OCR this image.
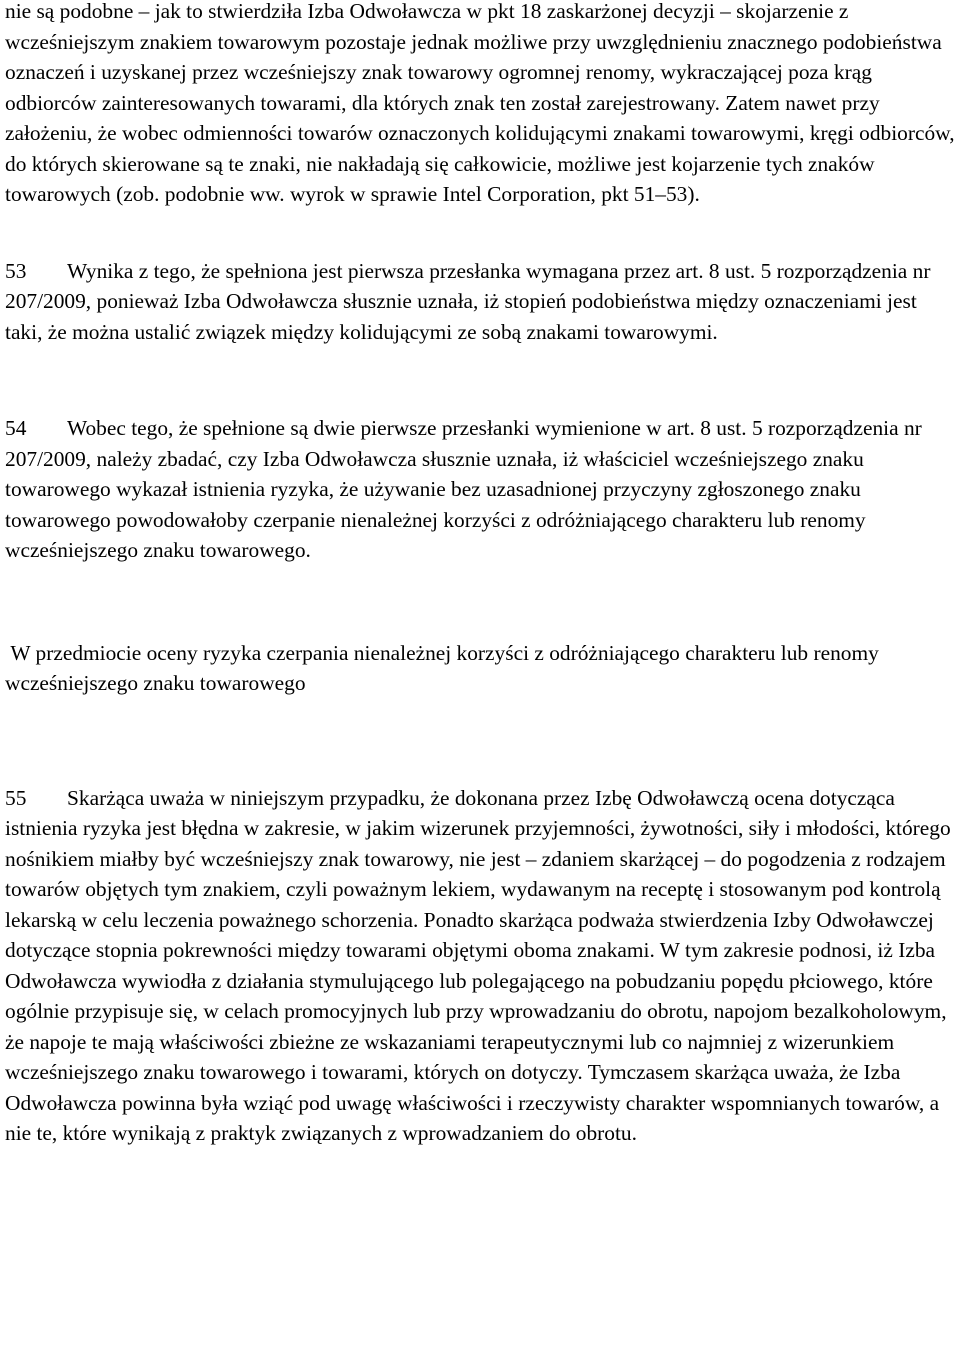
nie są podobne – jak to stwierdziła Izba Odwoławcza w pkt 18 zaskarżonej decyzji – skojarzenie z wcześniejszym znakiem towarowym pozostaje jednak możliwe przy uwzględnieniu znacznego podobieństwa oznaczeń i uzyskanej przez wcześniejszy znak towarowy ogromnej renomy, wykraczającej poza krąg odbiorców zainteresowanych towarami, dla których znak ten został zarejestrowany. Zatem nawet przy założeniu, że wobec odmienności towarów oznaczonych kolidującymi znakami towarowymi, kręgi odbiorców, do których skierowane są te znaki, nie nakładają się całkowicie, możliwe jest kojarzenie tych znaków towarowych (zob. podobnie ww. wyrok w sprawie Intel Corporation, pkt 51–53).

53 Wynika z tego, że spełniona jest pierwsza przesłanka wymagana przez art. 8 ust. 5 rozporządzenia nr 207/2009, ponieważ Izba Odwoławcza słusznie uznała, iż stopień podobieństwa między oznaczeniami jest taki, że można ustalić związek między kolidującymi ze sobą znakami towarowymi.

54 Wobec tego, że spełnione są dwie pierwsze przesłanki wymienione w art. 8 ust. 5 rozporządzenia nr 207/2009, należy zbadać, czy Izba Odwoławcza słusznie uznała, iż właściciel wcześniejszego znaku towarowego wykazał istnienia ryzyka, że używanie bez uzasadnionej przyczyny zgłoszonego znaku towarowego powodowałoby czerpanie nienależnej korzyści z odróżniającego charakteru lub renomy wcześniejszego znaku towarowego.

W przedmiocie oceny ryzyka czerpania nienależnej korzyści z odróżniającego charakteru lub renomy wcześniejszego znaku towarowego

55 Skarżąca uważa w niniejszym przypadku, że dokonana przez Izbę Odwoławczą ocena dotycząca istnienia ryzyka jest błędna w zakresie, w jakim wizerunek przyjemności, żywotności, siły i młodości, którego nośnikiem miałby być wcześniejszy znak towarowy, nie jest – zdaniem skarżącej – do pogodzenia z rodzajem towarów objętych tym znakiem, czyli poważnym lekiem, wydawanym na receptę i stosowanym pod kontrolą lekarską w celu leczenia poważnego schorzenia. Ponadto skarżąca podważa stwierdzenia Izby Odwoławczej dotyczące stopnia pokrewności między towarami objętymi oboma znakami. W tym zakresie podnosi, iż Izba Odwoławcza wywiodła z działania stymulującego lub polegającego na pobudzaniu popędu płciowego, które ogólnie przypisuje się, w celach promocyjnych lub przy wprowadzaniu do obrotu, napojom bezalkoholowym, że napoje te mają właściwości zbieżne ze wskazaniami terapeutycznymi lub co najmniej z wizerunkiem wcześniejszego znaku towarowego i towarami, których on dotyczy. Tymczasem skarżąca uważa, że Izba Odwoławcza powinna była wziąć pod uwagę właściwości i rzeczywisty charakter wspomnianych towarów, a nie te, które wynikają z praktyk związanych z wprowadzaniem do obrotu.
